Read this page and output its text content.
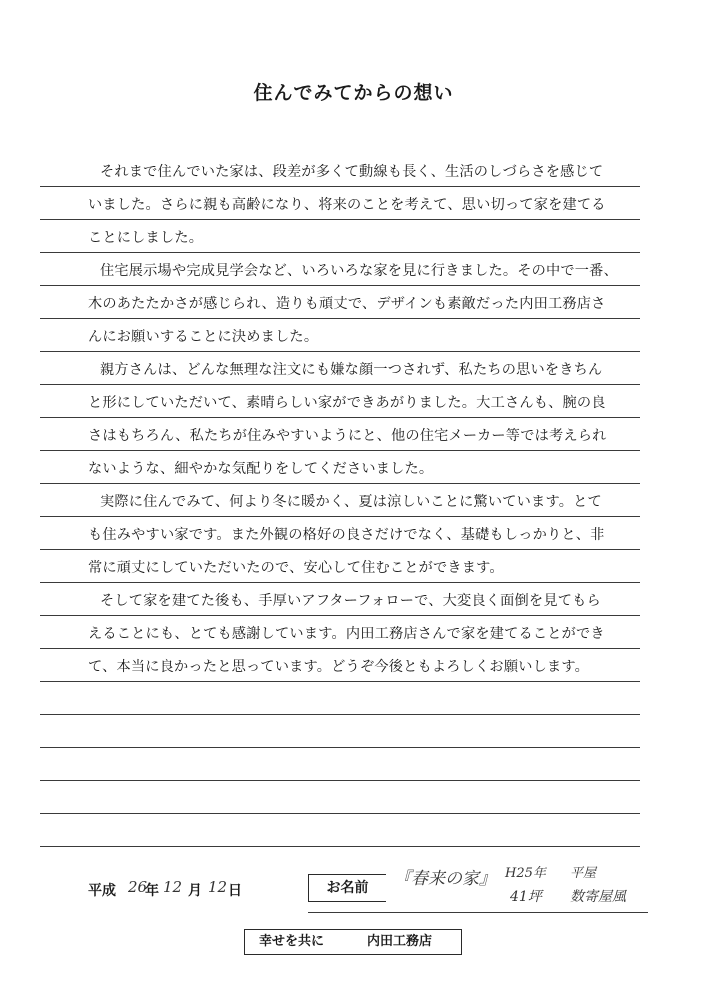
住んでみてからの想い
それまで住んでいた家は、段差が多くて動線も長く、生活のしづらさを感じて
いました。さらに親も高齢になり、将来のことを考えて、思い切って家を建てる
ことにしました。
住宅展示場や完成見学会など、いろいろな家を見に行きました。その中で一番、
木のあたたかさが感じられ、造りも頑丈で、デザインも素敵だった内田工務店さ
んにお願いすることに決めました。
親方さんは、どんな無理な注文にも嫌な顔一つされず、私たちの思いをきちん
と形にしていただいて、素晴らしい家ができあがりました。大工さんも、腕の良
さはもちろん、私たちが住みやすいようにと、他の住宅メーカー等では考えられ
ないような、細やかな気配りをしてくださいました。
実際に住んでみて、何より冬に暖かく、夏は涼しいことに驚いています。とて
も住みやすい家です。また外観の格好の良さだけでなく、基礎もしっかりと、非
常に頑丈にしていただいたので、安心して住むことができます。
そして家を建てた後も、手厚いアフターフォローで、大変良く面倒を見てもら
えることにも、とても感謝しています。内田工務店さんで家を建てることができ
て、本当に良かったと思っています。どうぞ今後ともよろしくお願いします。
平成 26
年 12 月 12 日	お名前	『春来の家』 H25年 平屋
41坪 数寄屋風
幸せを共に	内田工務店
